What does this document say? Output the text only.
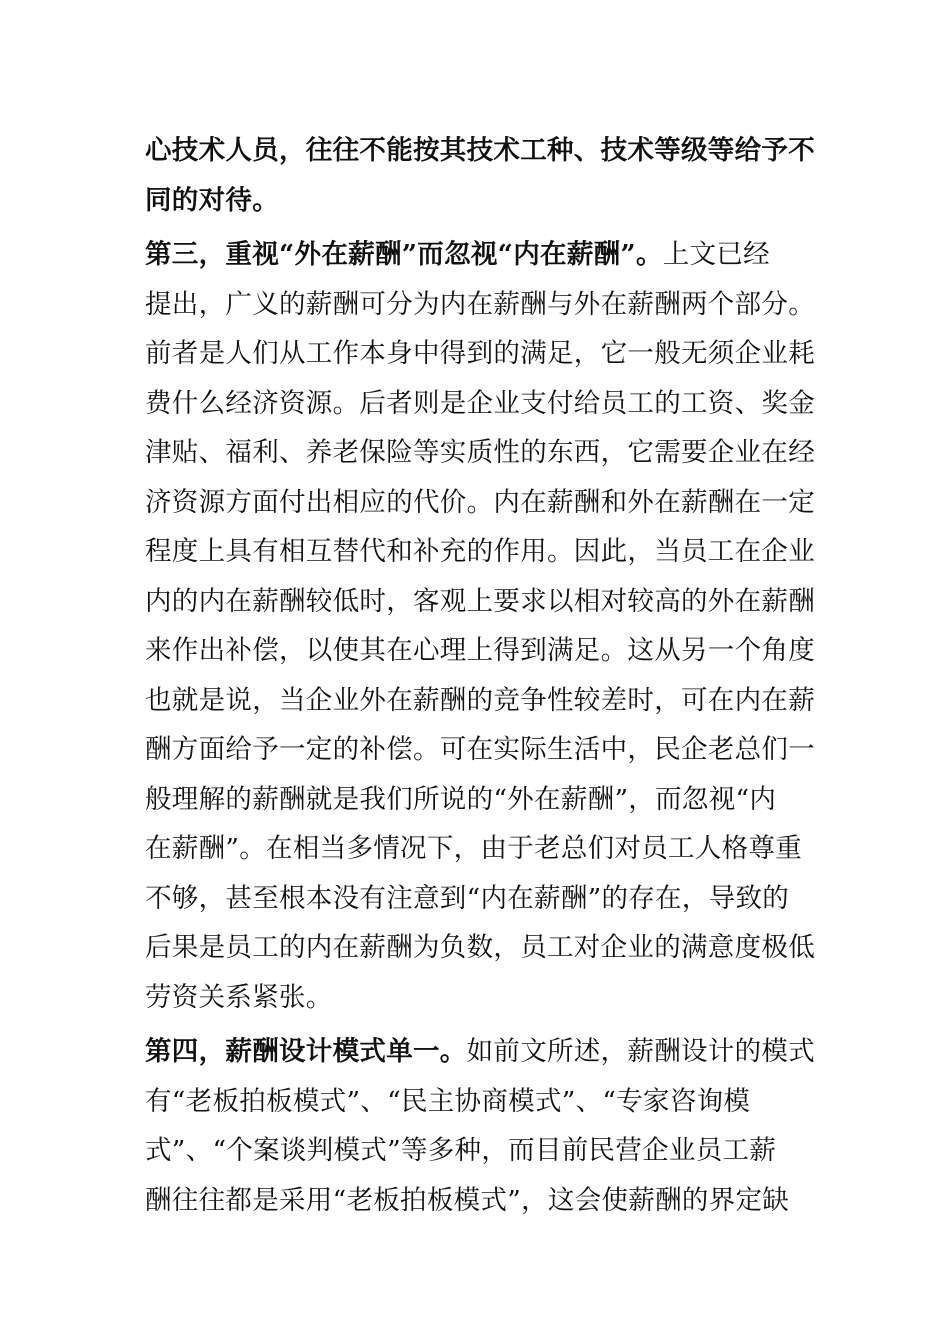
心技术人员，往往不能按其技术工种、技术等级等给予不
同的对待。
第三，重视“外在薪酬”而忽视“内在薪酬”。上文已经
提出，广义的薪酬可分为内在薪酬与外在薪酬两个部分。
前者是人们从工作本身中得到的满足，它一般无须企业耗
费什么经济资源。后者则是企业支付给员工的工资、奖金
津贴、福利、养老保险等实质性的东西，它需要企业在经
济资源方面付出相应的代价。内在薪酬和外在薪酬在一定
程度上具有相互替代和补充的作用。因此，当员工在企业
内的内在薪酬较低时，客观上要求以相对较高的外在薪酬
来作出补偿，以使其在心理上得到满足。这从另一个角度
也就是说，当企业外在薪酬的竞争性较差时，可在内在薪
酬方面给予一定的补偿。可在实际生活中，民企老总们一
般理解的薪酬就是我们所说的“外在薪酬”，而忽视“内
在薪酬”。在相当多情况下，由于老总们对员工人格尊重
不够，甚至根本没有注意到“内在薪酬”的存在，导致的
后果是员工的内在薪酬为负数，员工对企业的满意度极低
劳资关系紧张。
第四，薪酬设计模式单一。如前文所述，薪酬设计的模式
有“老板拍板模式”、“民主协商模式”、“专家咨询模
式”、“个案谈判模式”等多种，而目前民营企业员工薪
酬往往都是采用“老板拍板模式”，这会使薪酬的界定缺
